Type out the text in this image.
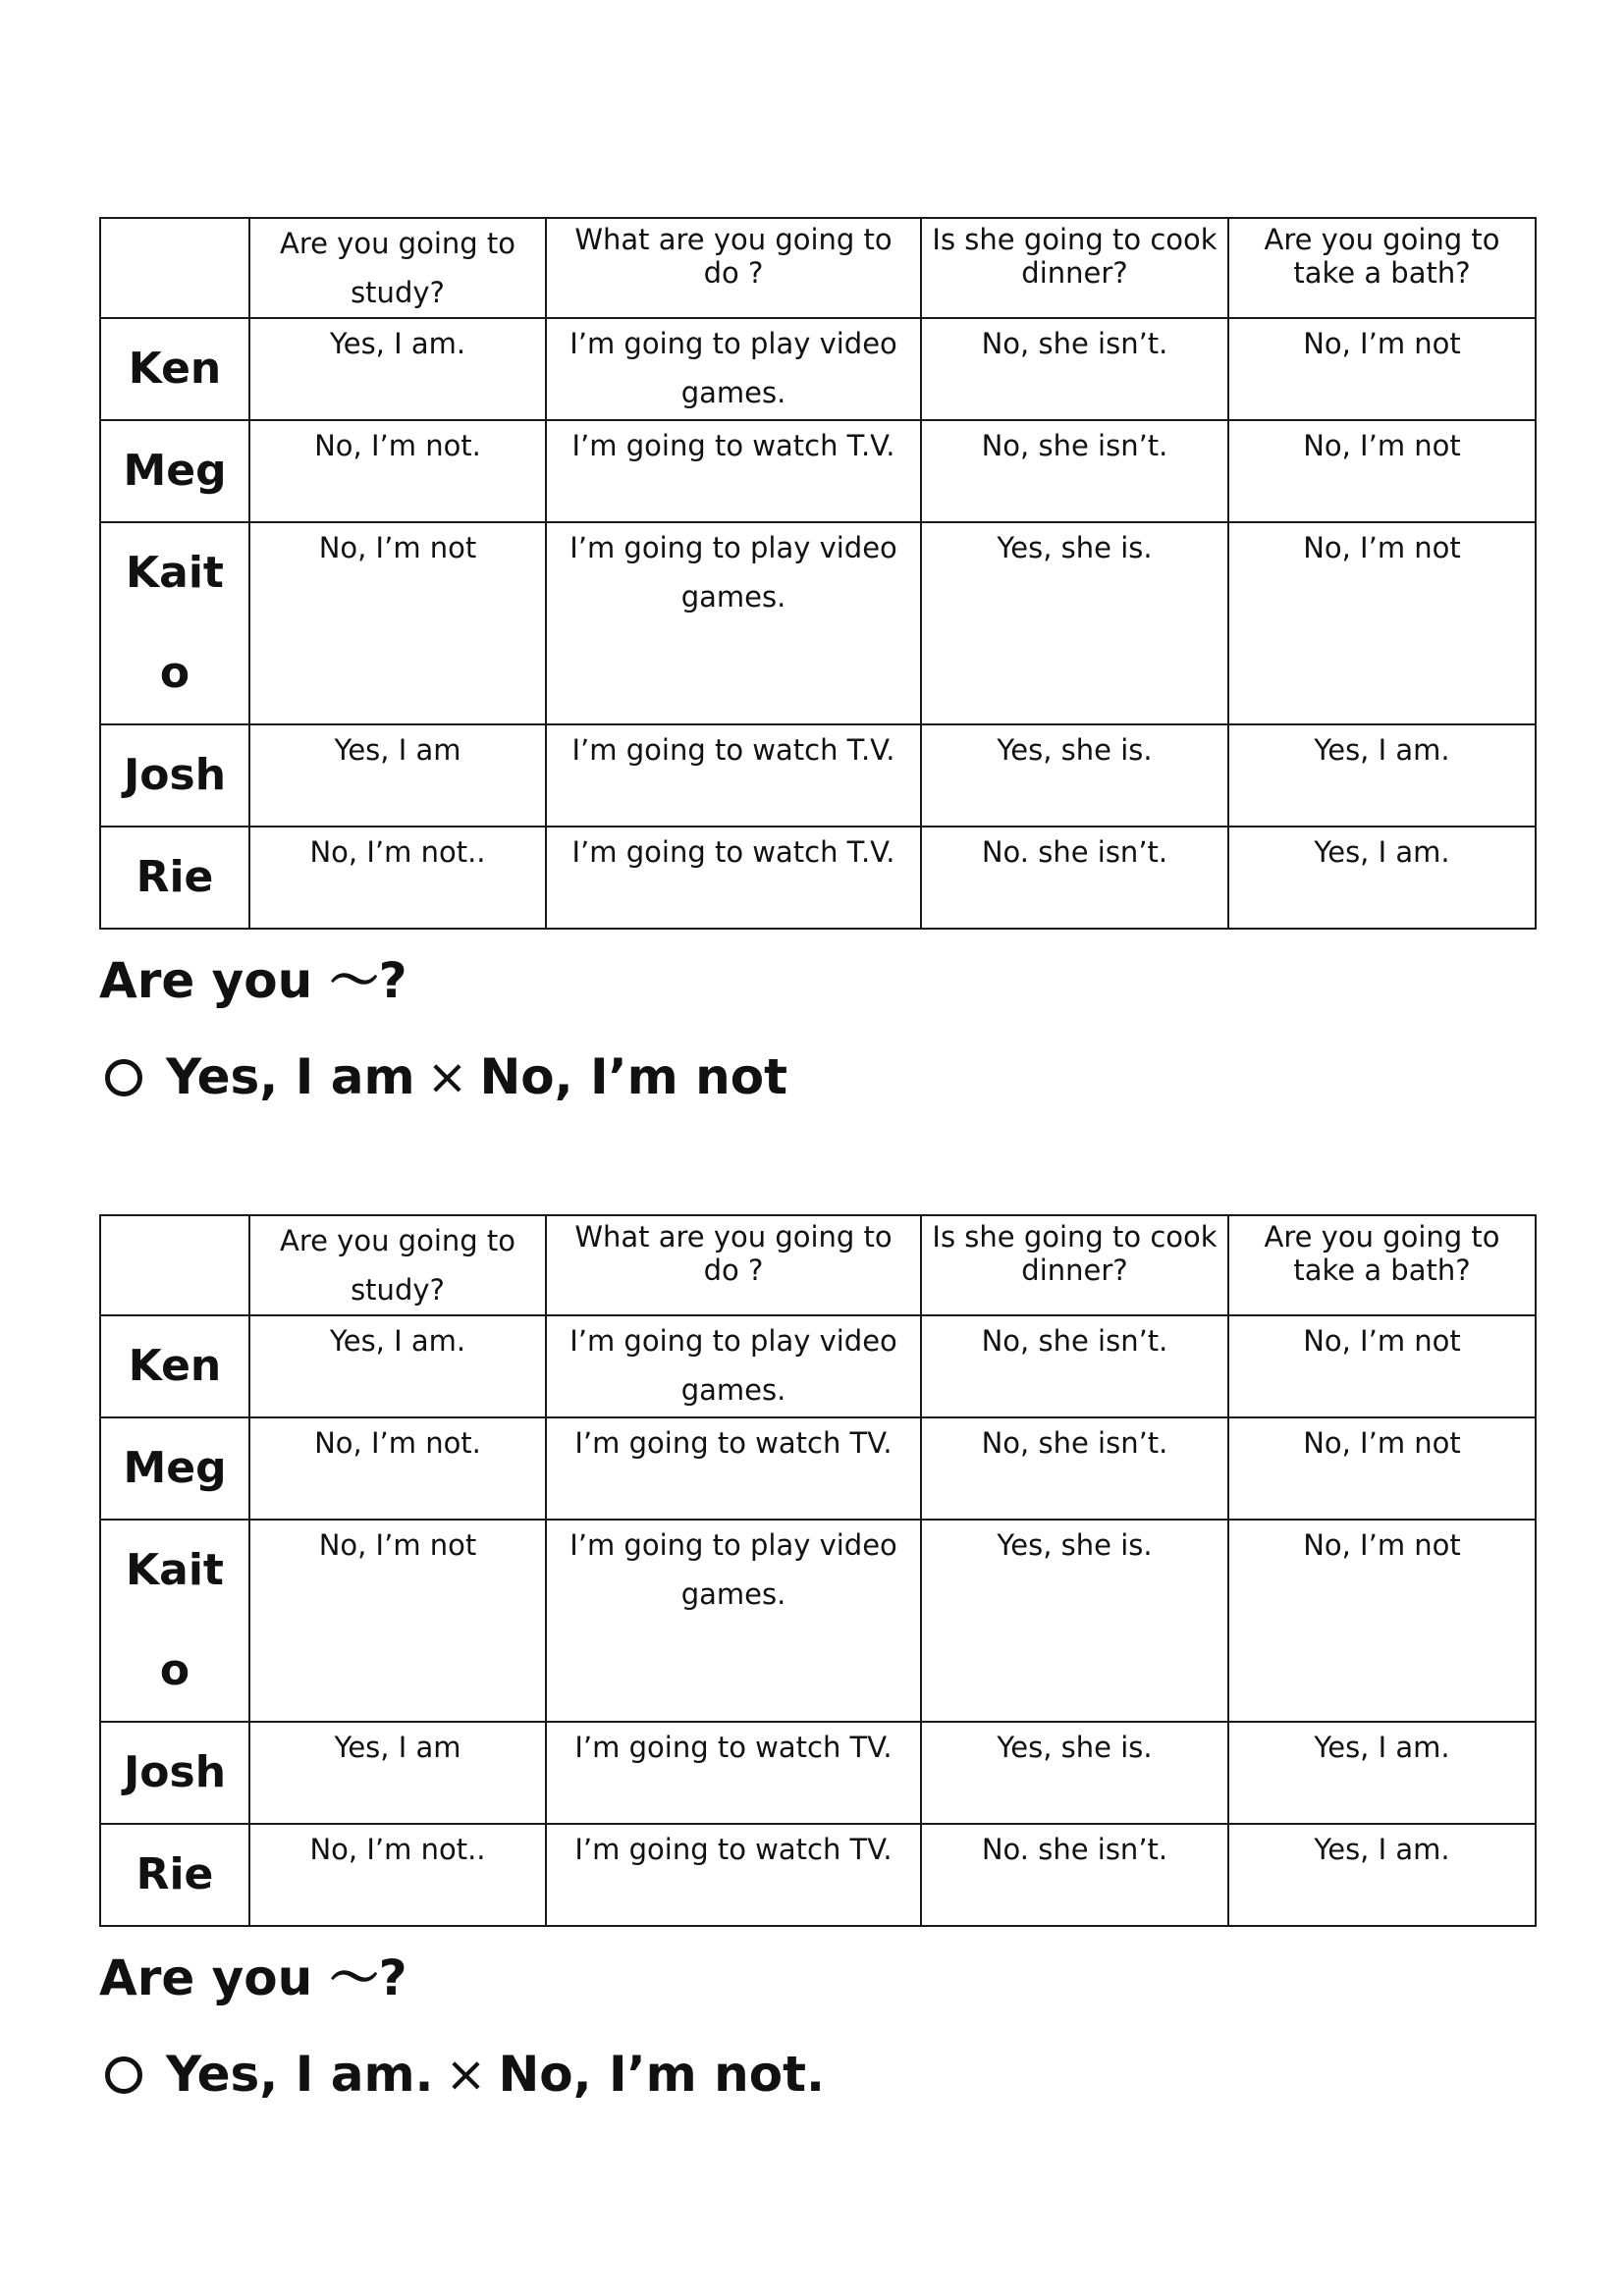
	Are you going to study?	What are you going to do ?	Is she going to cook dinner?	Are you going to take a bath?
Ken	Yes, I am.	I’m going to play video games.	No, she isn’t.	No, I’m not
Meg	No, I’m not.	I’m going to watch T.V.	No, she isn’t.	No, I’m not
Kait o	No, I’m not	I’m going to play video games.	Yes, she is.	No, I’m not
Josh	Yes, I am	I’m going to watch T.V.	Yes, she is.	Yes, I am.
Rie	No, I’m not..	I’m going to watch T.V.	No. she isn’t.	Yes, I am.

Are you ～?

Yes, I am × No, I’m not

	Are you going to study?	What are you going to do ?	Is she going to cook dinner?	Are you going to take a bath?
Ken	Yes, I am.	I’m going to play video games.	No, she isn’t.	No, I’m not
Meg	No, I’m not.	I’m going to watch TV.	No, she isn’t.	No, I’m not
Kait o	No, I’m not	I’m going to play video games.	Yes, she is.	No, I’m not
Josh	Yes, I am	I’m going to watch TV.	Yes, she is.	Yes, I am.
Rie	No, I’m not..	I’m going to watch TV.	No. she isn’t.	Yes, I am.

Are you ～?

Yes, I am. × No, I’m not.
